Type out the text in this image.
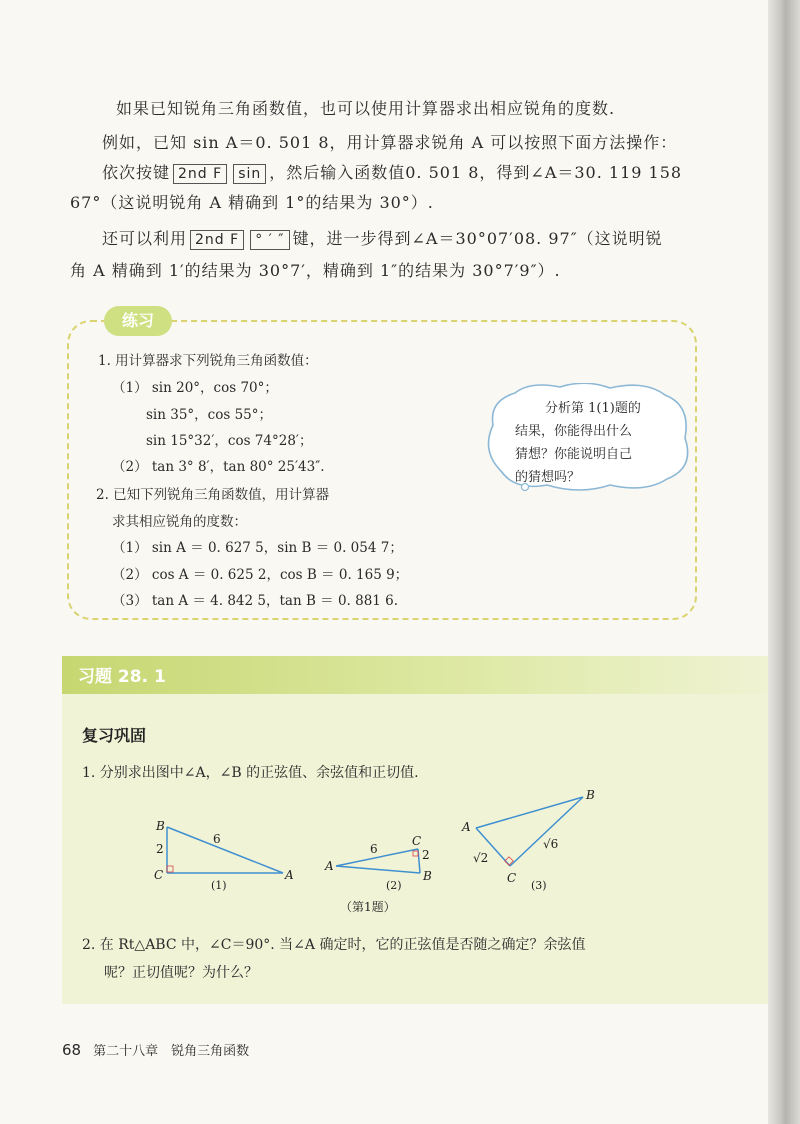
如果已知锐角三角函数值，也可以使用计算器求出相应锐角的度数.
例如，已知 sin A＝0. 501 8，用计算器求锐角 A 可以按照下面方法操作：
依次按键 2nd F sin ，然后输入函数值0. 501 8，得到∠A＝30. 119 158
67°（这说明锐角 A 精确到 1°的结果为 30°）.
还可以利用 2nd F ° ′ ″ 键，进一步得到∠A＝30°07′08. 97″（这说明锐
角 A 精确到 1′的结果为 30°7′，精确到 1″的结果为 30°7′9″）.
练习
1. 用计算器求下列锐角三角函数值：
（1） sin 20°，cos 70°；
sin 35°，cos 55°；
sin 15°32′，cos 74°28′；
（2） tan 3° 8′，tan 80° 25′43″.
2. 已知下列锐角三角函数值，用计算器
求其相应锐角的度数：
（1） sin A ＝ 0. 627 5，sin B ＝ 0. 054 7；
（2） cos A ＝ 0. 625 2，cos B ＝ 0. 165 9；
（3） tan A ＝ 4. 842 5，tan B ＝ 0. 881 6.
分析第 1(1)题的
结果，你能得出什么
猜想？你能说明自己
的猜想吗？
习题 28. 1
复习巩固
1. 分别求出图中∠A，∠B 的正弦值、余弦值和正切值.
B
C	A
2
6
(1)
A
C
B
6	2
(2)
A
B
C
√2
√6
(3)
（第1题）
2. 在 Rt△ABC 中，∠C＝90°. 当∠A 确定时，它的正弦值是否随之确定？余弦值
呢？正切值呢？为什么？
68 第二十八章　锐角三角函数
